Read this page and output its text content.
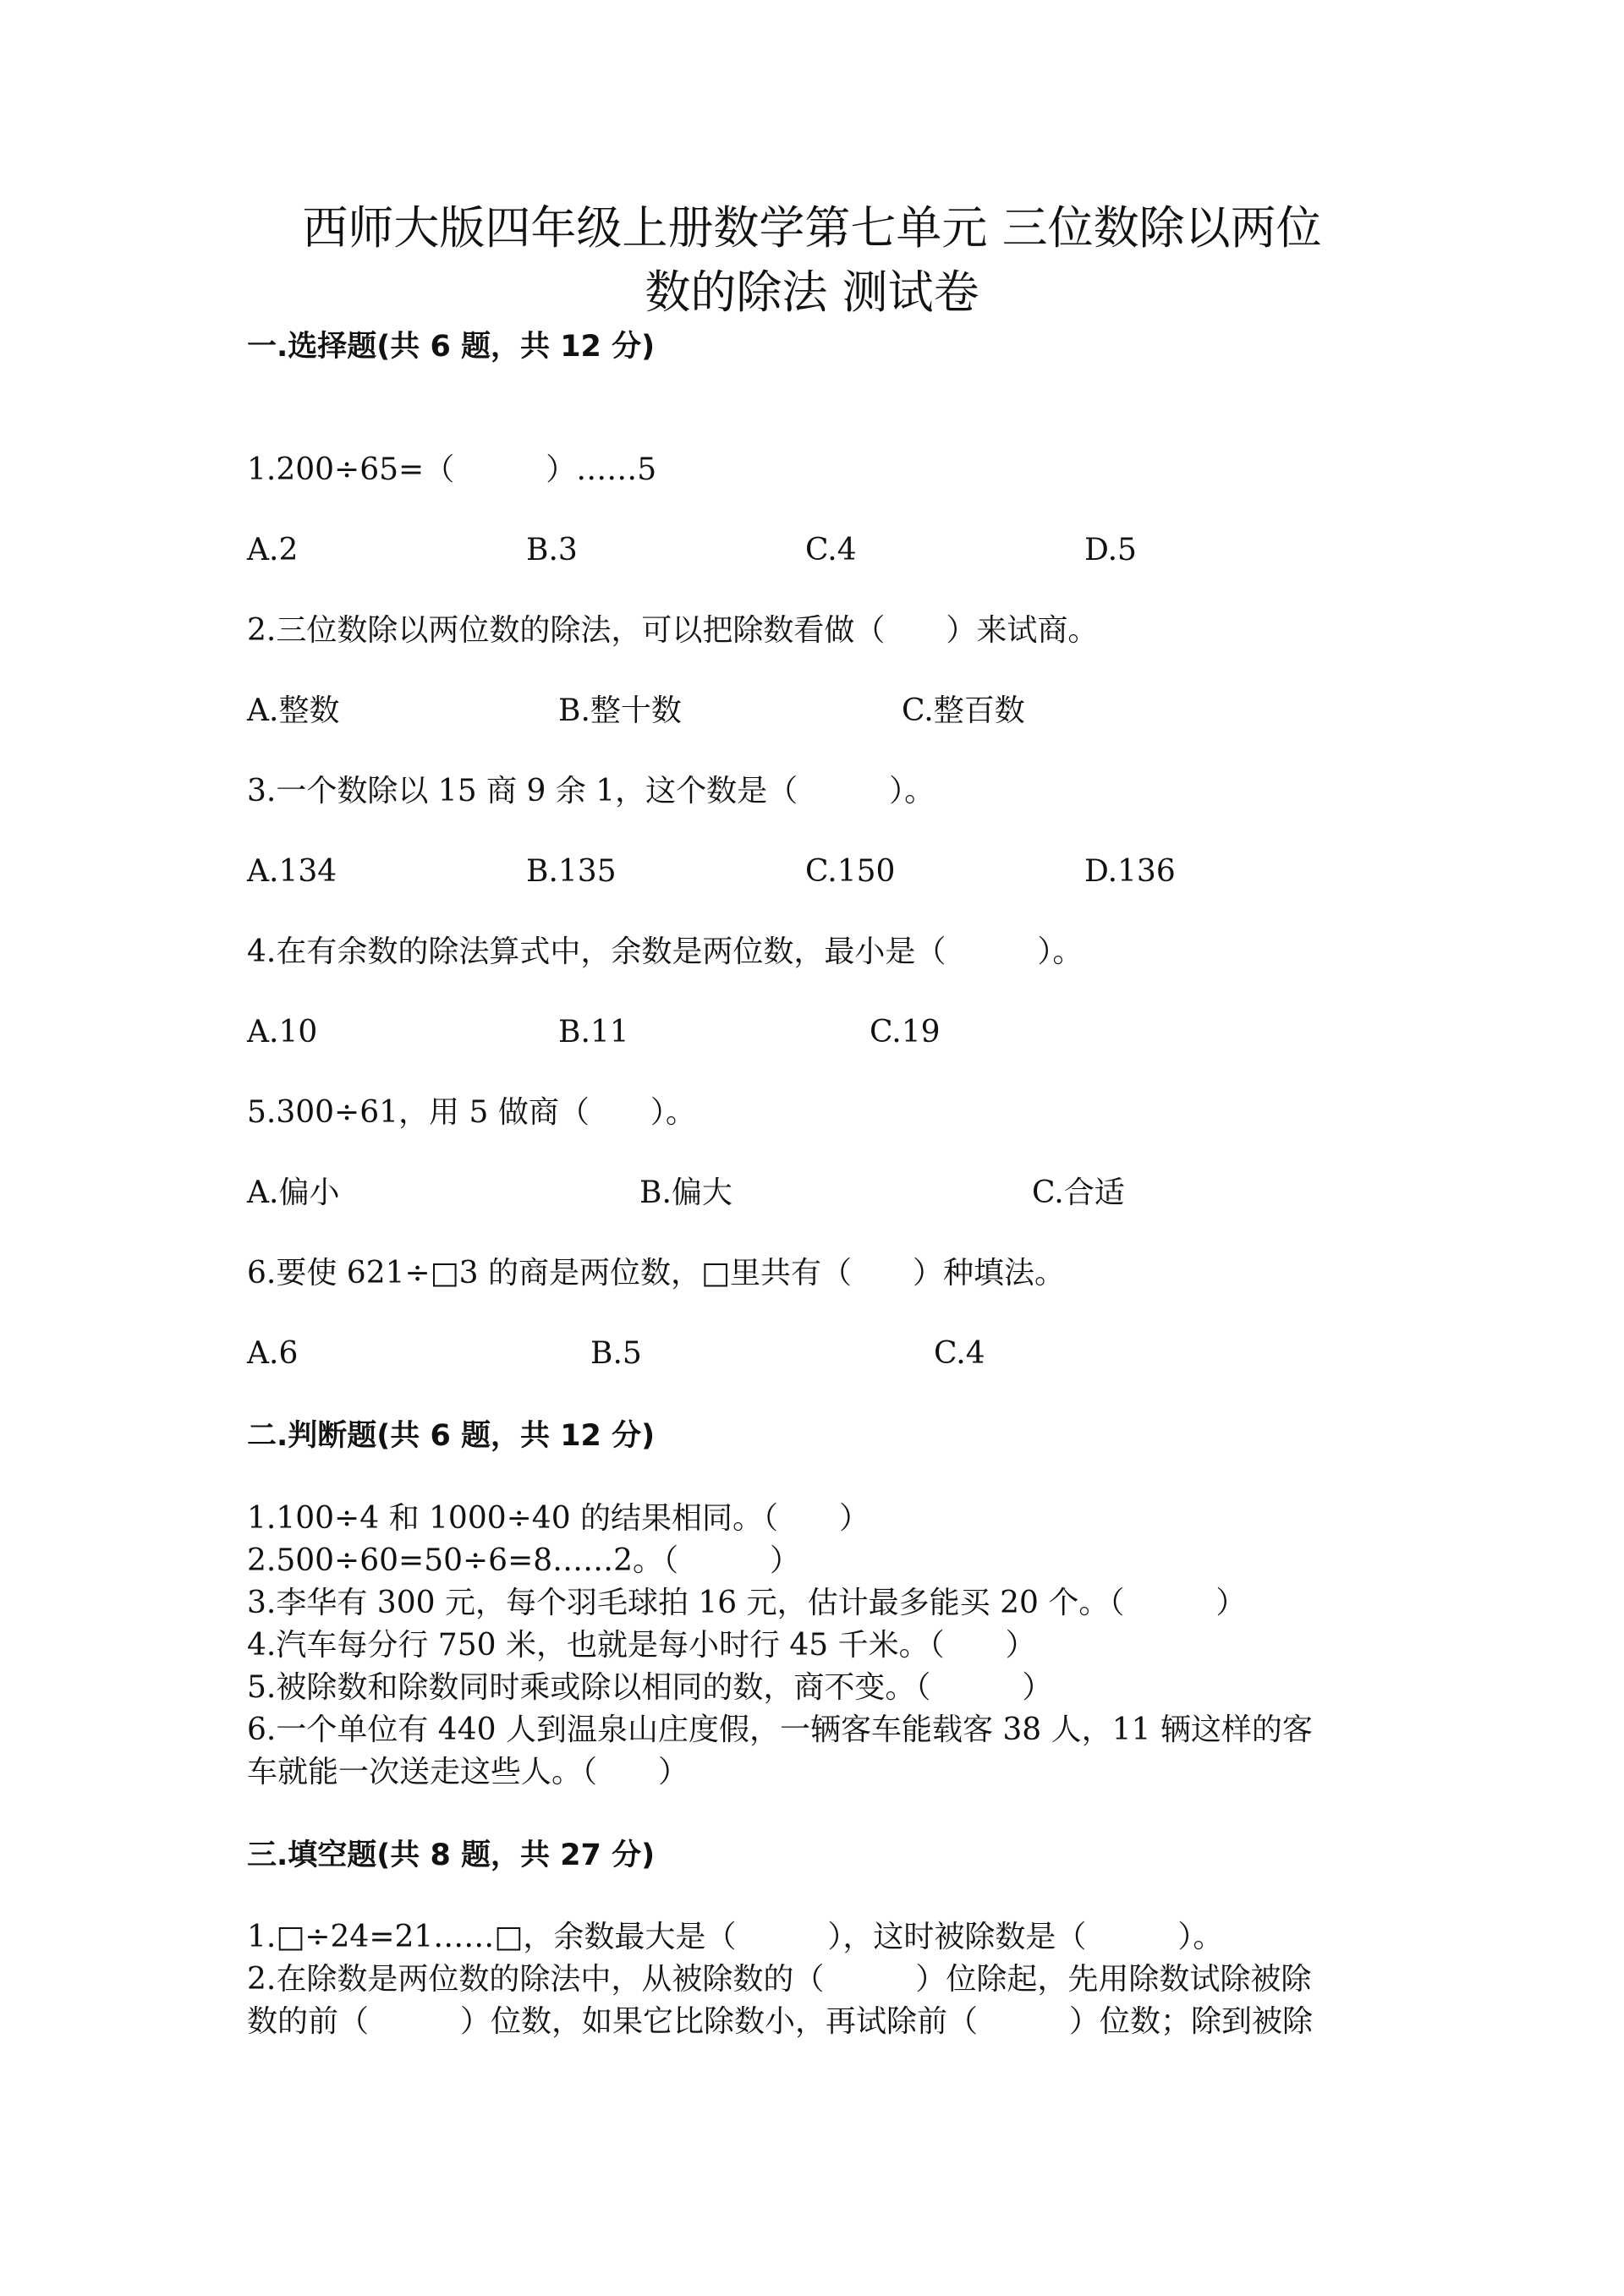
西师大版四年级上册数学第七单元 三位数除以两位
数的除法 测试卷
一.选择题(共 6 题，共 12 分)
1.200÷65=（　　　）……5
A.2	B.3	C.4	D.5
2.三位数除以两位数的除法，可以把除数看做（　　）来试商。
A.整数	B.整十数	C.整百数
3.一个数除以 15 商 9 余 1，这个数是（　　　）。
A.134	B.135	C.150	D.136
4.在有余数的除法算式中，余数是两位数，最小是（　　　）。
A.10	B.11	C.19
5.300÷61，用 5 做商（　　）。
A.偏小	B.偏大	C.合适
6.要使 621÷□3 的商是两位数，□里共有（　　）种填法。
A.6	B.5	C.4
二.判断题(共 6 题，共 12 分)
1.100÷4 和 1000÷40 的结果相同。（　　）
2.500÷60=50÷6=8……2。（　　　）
3.李华有 300 元，每个羽毛球拍 16 元，估计最多能买 20 个。（　　　）
4.汽车每分行 750 米，也就是每小时行 45 千米。（　　）
5.被除数和除数同时乘或除以相同的数，商不变。（　　　）
6.一个单位有 440 人到温泉山庄度假，一辆客车能载客 38 人，11 辆这样的客
车就能一次送走这些人。（　　）
三.填空题(共 8 题，共 27 分)
1.□÷24=21……□，余数最大是（　　　），这时被除数是（　　　）。
2.在除数是两位数的除法中，从被除数的（　　　）位除起，先用除数试除被除
数的前（　　　）位数，如果它比除数小，再试除前（　　　）位数；除到被除
